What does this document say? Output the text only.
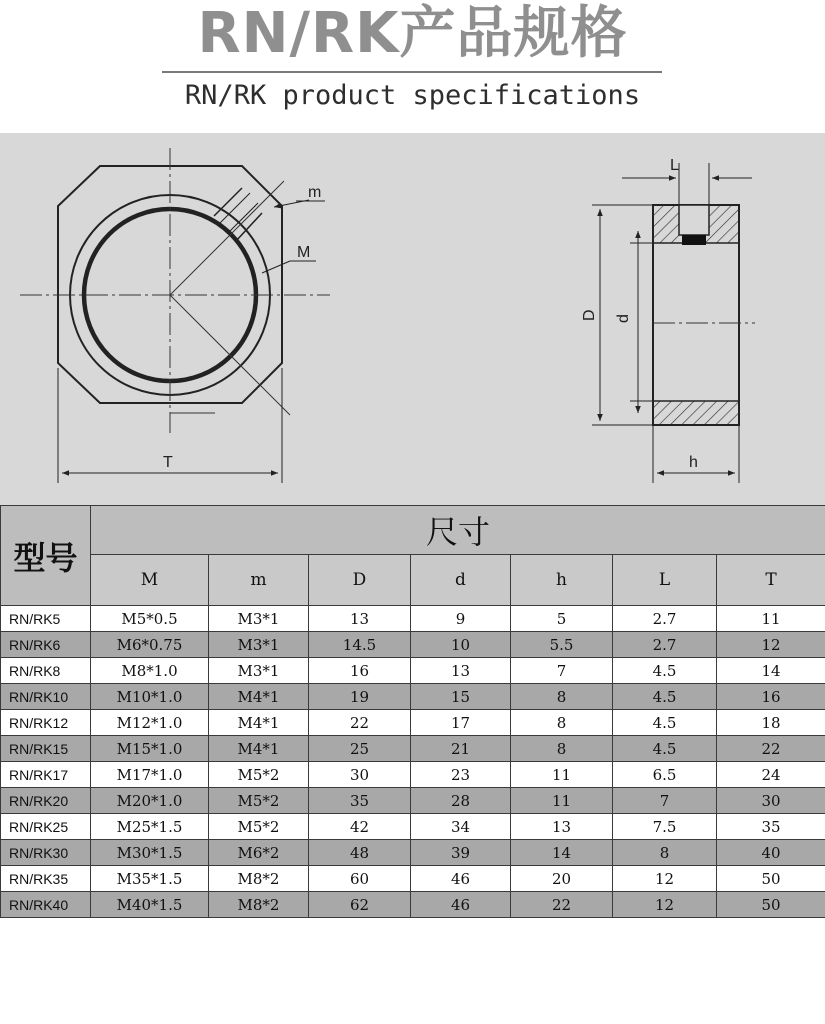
RN/RK产品规格
RN/RK product specifications
m
M
T
L
D d
h
型号	尺寸						
	M	m	D	d	h	L	T
RN/RK5	M5*0.5	M3*1	13	9	5	2.7	11
RN/RK6	M6*0.75	M3*1	14.5	10	5.5	2.7	12
RN/RK8	M8*1.0	M3*1	16	13	7	4.5	14
RN/RK10	M10*1.0	M4*1	19	15	8	4.5	16
RN/RK12	M12*1.0	M4*1	22	17	8	4.5	18
RN/RK15	M15*1.0	M4*1	25	21	8	4.5	22
RN/RK17	M17*1.0	M5*2	30	23	11	6.5	24
RN/RK20	M20*1.0	M5*2	35	28	11	7	30
RN/RK25	M25*1.5	M5*2	42	34	13	7.5	35
RN/RK30	M30*1.5	M6*2	48	39	14	8	40
RN/RK35	M35*1.5	M8*2	60	46	20	12	50
RN/RK40	M40*1.5	M8*2	62	46	22	12	50
